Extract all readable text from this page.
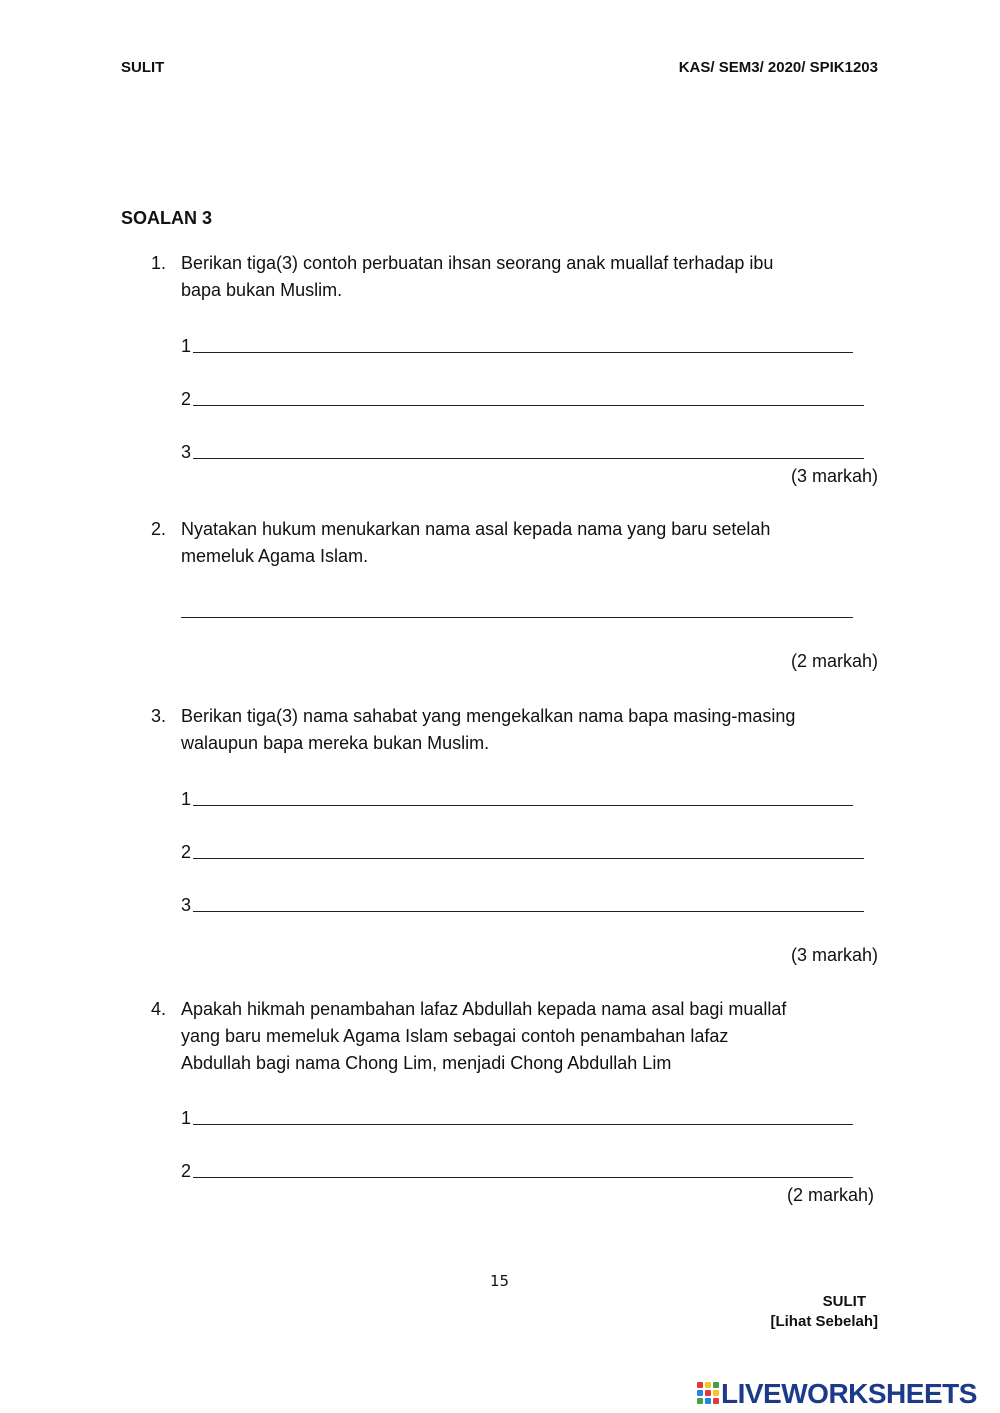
SULIT	KAS/ SEM3/ 2020/ SPIK1203
SOALAN 3
1. Berikan tiga(3) contoh perbuatan ihsan seorang anak muallaf terhadap ibu
bapa bukan Muslim.
1
2
3
(3 markah)
2. Nyatakan hukum menukarkan nama asal kepada nama yang baru setelah
memeluk Agama Islam.
(2 markah)
3. Berikan tiga(3) nama sahabat yang mengekalkan nama bapa masing-masing
walaupun bapa mereka bukan Muslim.
1
2
3
(3 markah)
4. Apakah hikmah penambahan lafaz Abdullah kepada nama asal bagi muallaf
yang baru memeluk Agama Islam sebagai contoh penambahan lafaz
Abdullah bagi nama Chong Lim, menjadi Chong Abdullah Lim
1
2
(2 markah)
15
SULIT
[Lihat Sebelah]
LIVEWORKSHEETS
